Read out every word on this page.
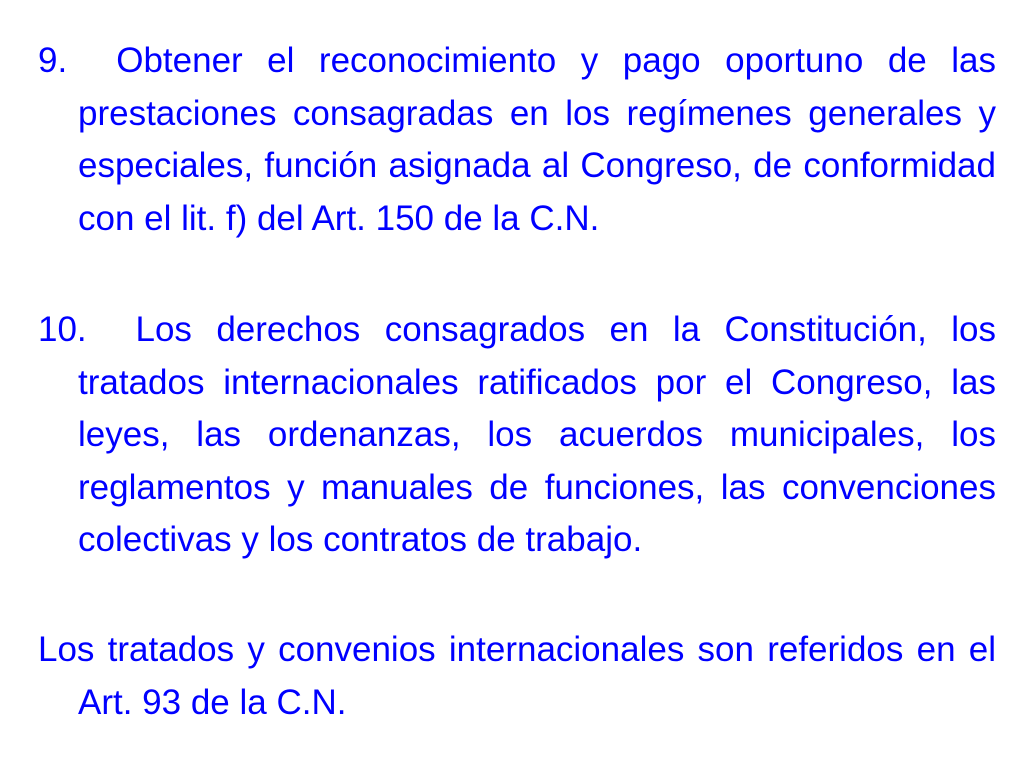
9. Obtener el reconocimiento y pago oportuno de las prestaciones consagradas en los regímenes generales y especiales, función asignada al Congreso, de conformidad con el lit. f) del Art. 150 de la C.N.

10. Los derechos consagrados en la Constitución, los tratados internacionales ratificados por el Congreso, las leyes, las ordenanzas, los acuerdos municipales, los reglamentos y manuales de funciones, las convenciones colectivas y los contratos de trabajo.

Los tratados y convenios internacionales son referidos en el Art. 93 de la C.N.
